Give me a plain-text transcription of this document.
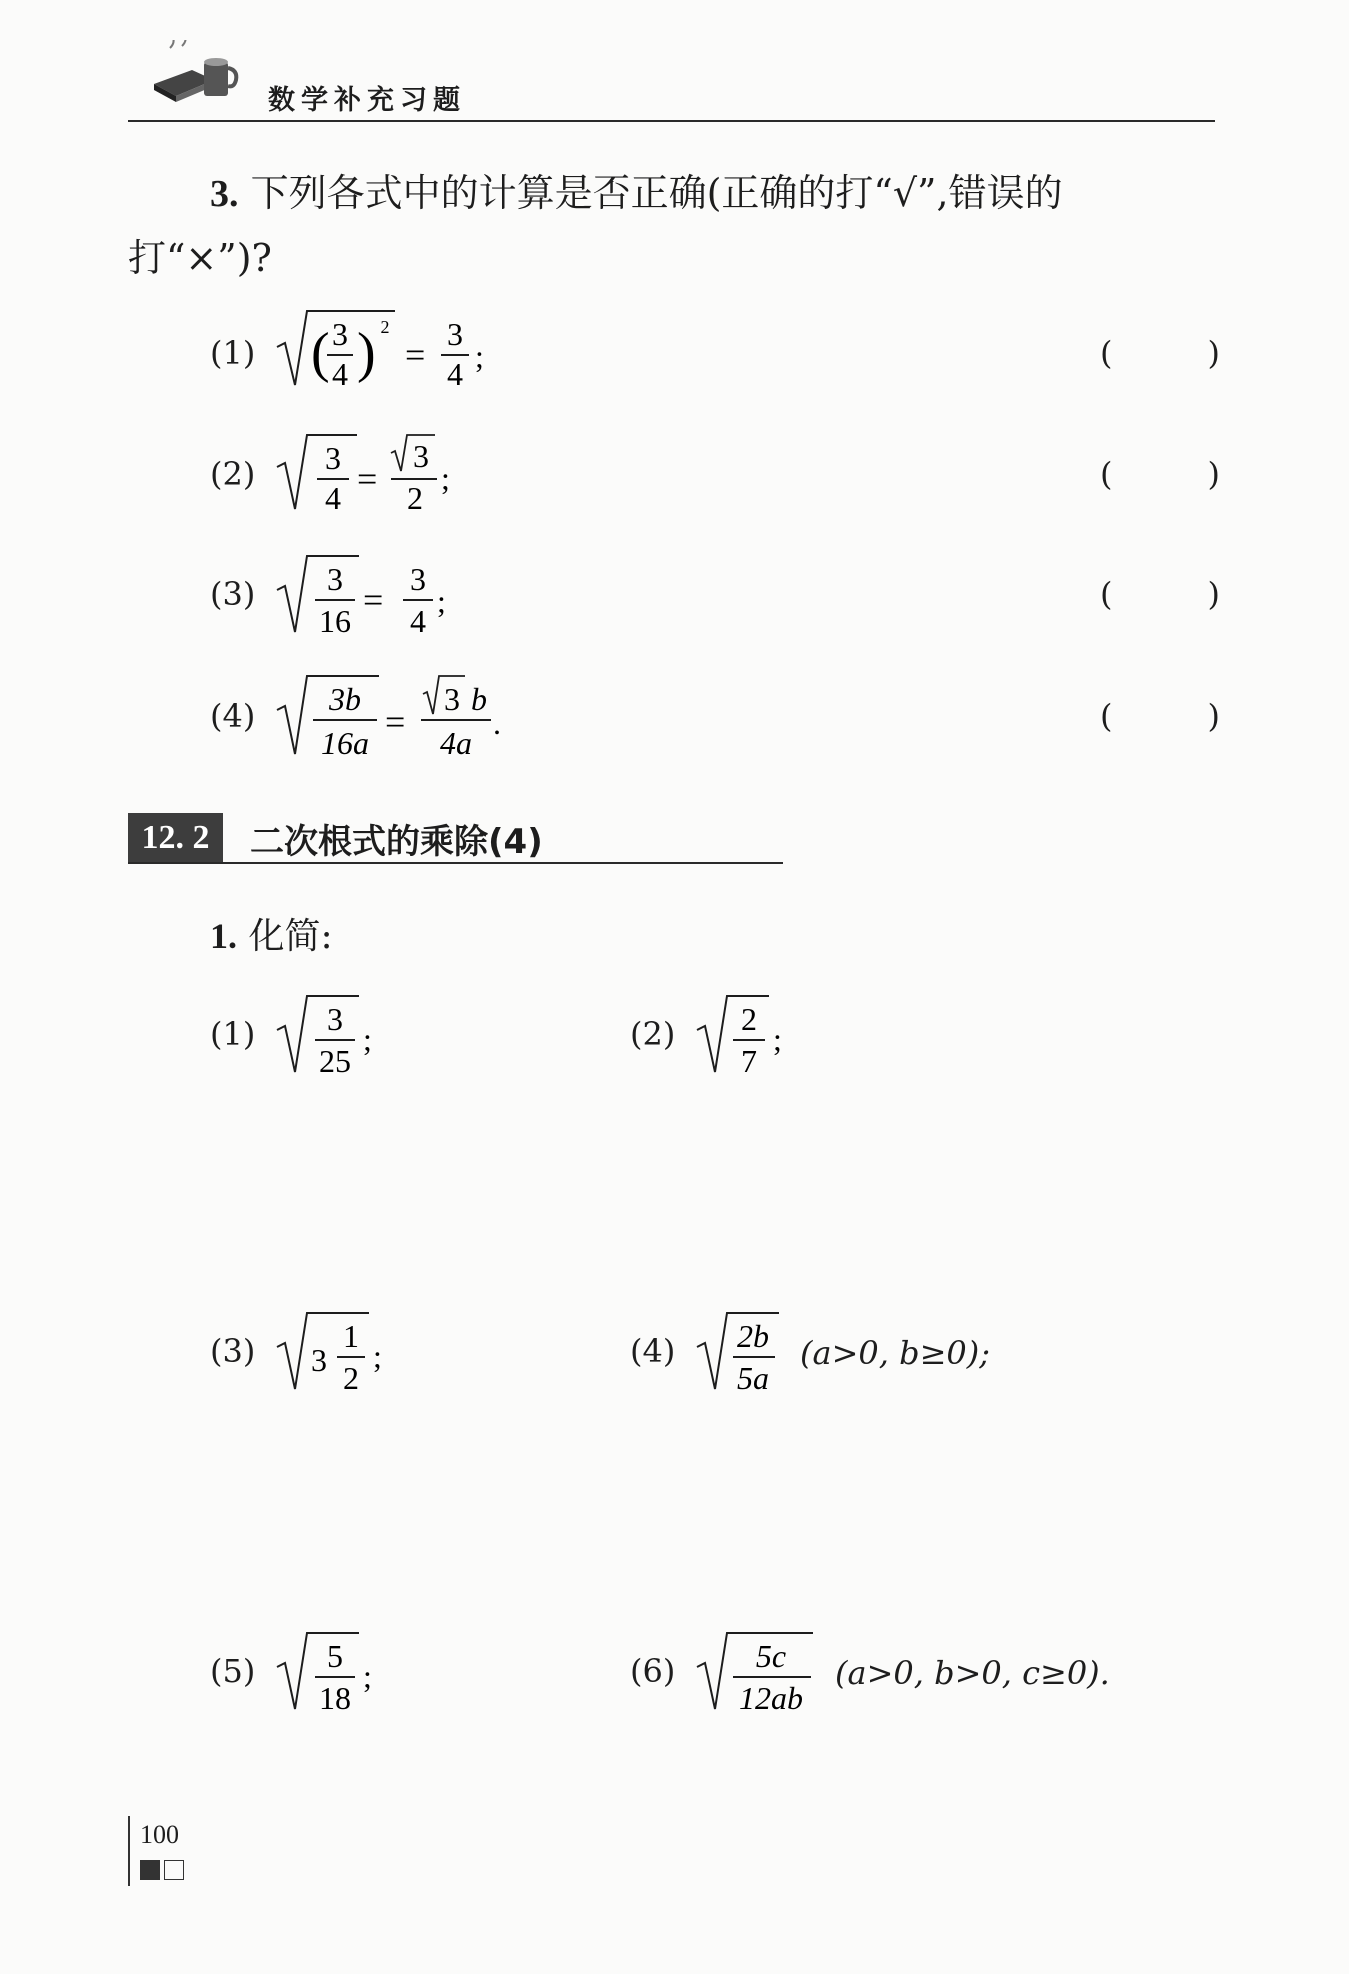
数学补充习题
3. 下列各式中的计算是否正确(正确的打“√”,错误的
打“×”)?
(1) ( 3
4 ) 2
=
3
4 ;	(	)
(2) 3
4 =
3
2
;	(	)
(3) 3
16
=
3
4
;	(	)
(4) 3b
16a
=
3 b
4a
.	(	)
12. 2	二次根式的乘除(4)
1. 化简:
(1) 3
25
;	(2) 2
7
;
(3) 3
1
2
;	(4) 2b
5a
(a>0, b≥0);
(5) 5
18
;	(6)	5c
12ab
(a>0, b>0, c≥0).
100
